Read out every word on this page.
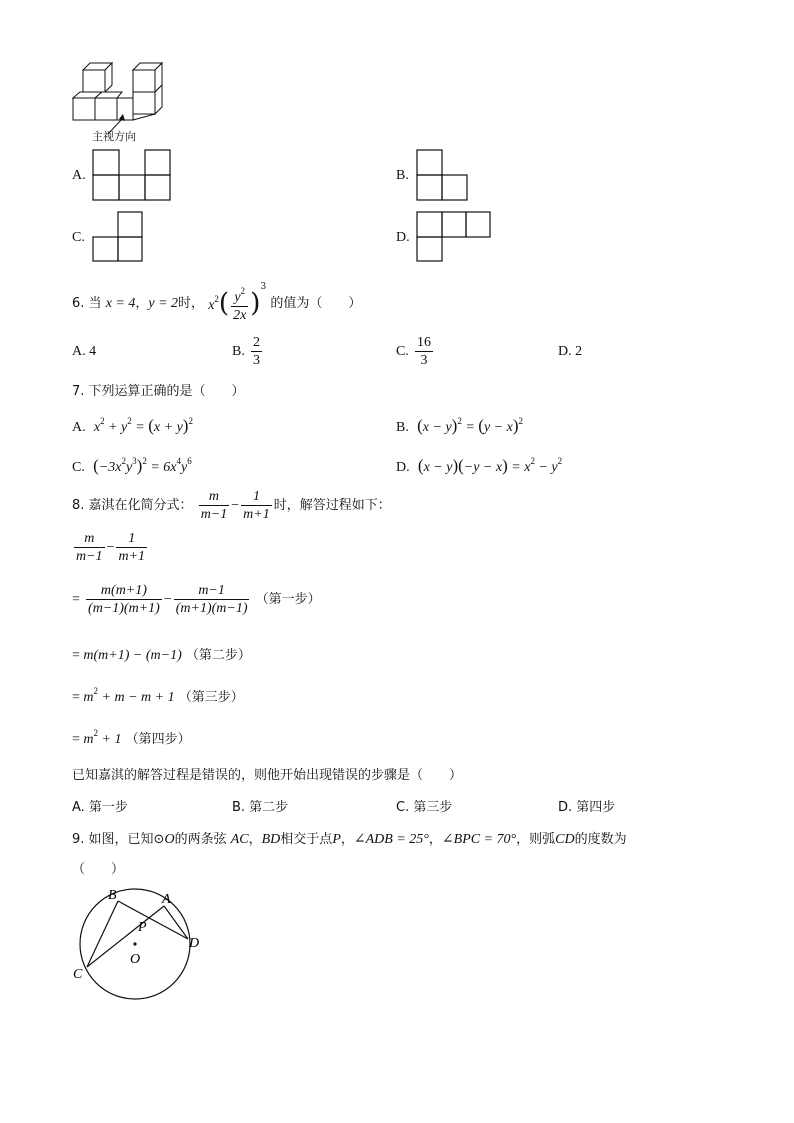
主视方向
A.	B.
C.	D.
6. 当 x = 4，y = 2时， $x^2( \frac{y^2}{2x} )^3$ 的值为（　　）
A. 4	B. $\frac{2}{3}$	C. $\frac{16}{3}$	D. 2
7. 下列运算正确的是（　　）
A. $x^2 + y^2 = (x + y)^2$	B. $(x - y)^2 = (y - x)^2$
C. $(-3x^2y^3)^2 = 6x^4y^6$	D. $(x - y)(-y - x) = x^2 - y^2$
8. 嘉淇在化简分式： $\frac{m}{m-1} - \frac{1}{m+1}$ 时，解答过程如下：
$\frac{m}{m-1} - \frac{1}{m+1}$
= $\frac{m(m+1)}{(m-1)(m+1)} - \frac{m-1}{(m+1)(m-1)}$ （第一步）
= m(m+1) − (m−1) （第二步）
= $m^2 + m - m + 1$ （第三步）
= $m^2 + 1$ （第四步）
已知嘉淇的解答过程是错误的，则他开始出现错误的步骤是（　　）
A. 第一步	B. 第二步	C. 第三步	D. 第四步
9. 如图，已知⊙O的两条弦 AC，BD相交于点P，∠ADB = 25°，∠BPC = 70°，则弧CD的度数为
（　　）
B	A
P
D
O
C
